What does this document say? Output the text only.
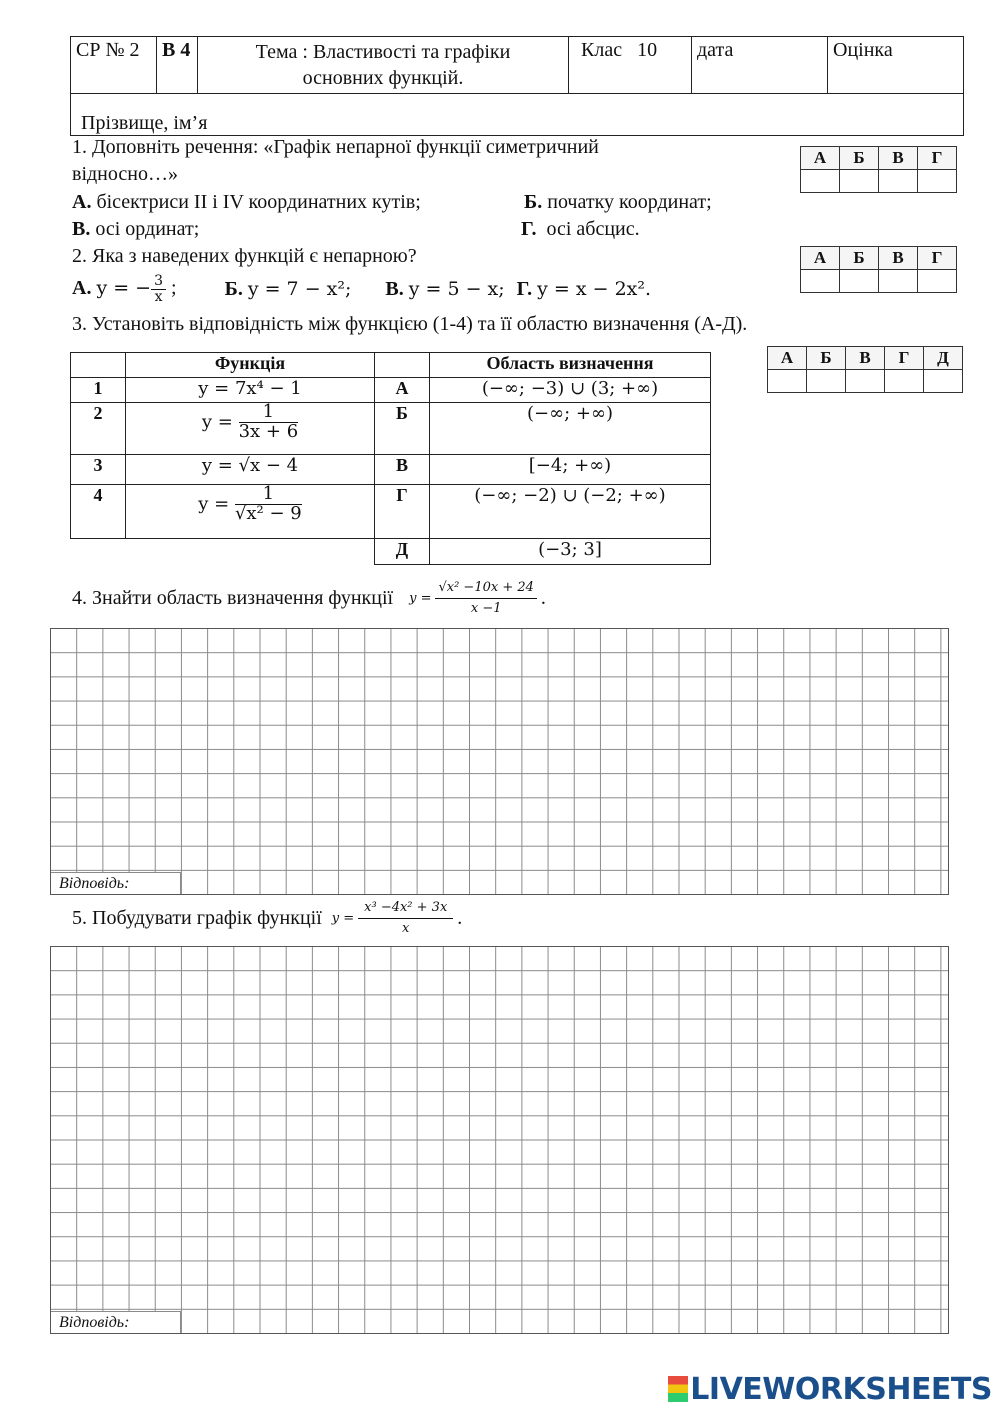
СР № 2	В 4	Тема : Властивості та графіки
основних функцій.	Клас 10	дата	Оцінка
Прізвище, ім’я
1. Доповніть речення: «Графік непарної функції симетричний
відносно…»
А. бісектриси II і IV координатних кутів;	Б. початку координат;
В. осі ординат;	Г. осі абсцис.
А	Б	В	Г

2. Яка з наведених функцій є непарною?
А. y = − $\frac{3}{x}$ ; Б. y = 7 − x²; В. y = 5 − x; Г. y = x − 2x².
А	Б	В	Г

3. Установіть відповідність між функцією (1-4) та її областю визначення (А-Д).
А	Б	В	Г	Д

	Функція		Область визначення
1	y = 7x⁴ − 1	А	(−∞; −3) ∪ (3; +∞)
2	$y = \frac{1}{3x + 6}$	Б	(−∞; +∞)
3	y = √x − 4	В	[−4; +∞)
4	$y = \frac{1}{\text{√x² − 9}}$	Г	(−∞; −2) ∪ (−2; +∞)
		Д	(−3; 3]
4. Знайти область визначення функції $y = \frac{\text{√x² −10x + 24}}{x -1}$ .
Відповідь:
5. Побудувати графік функції $y = \frac{\text{x³ −4x² + 3x}}{x}$ .
Відповідь:
LIVEWORKSHEETS
